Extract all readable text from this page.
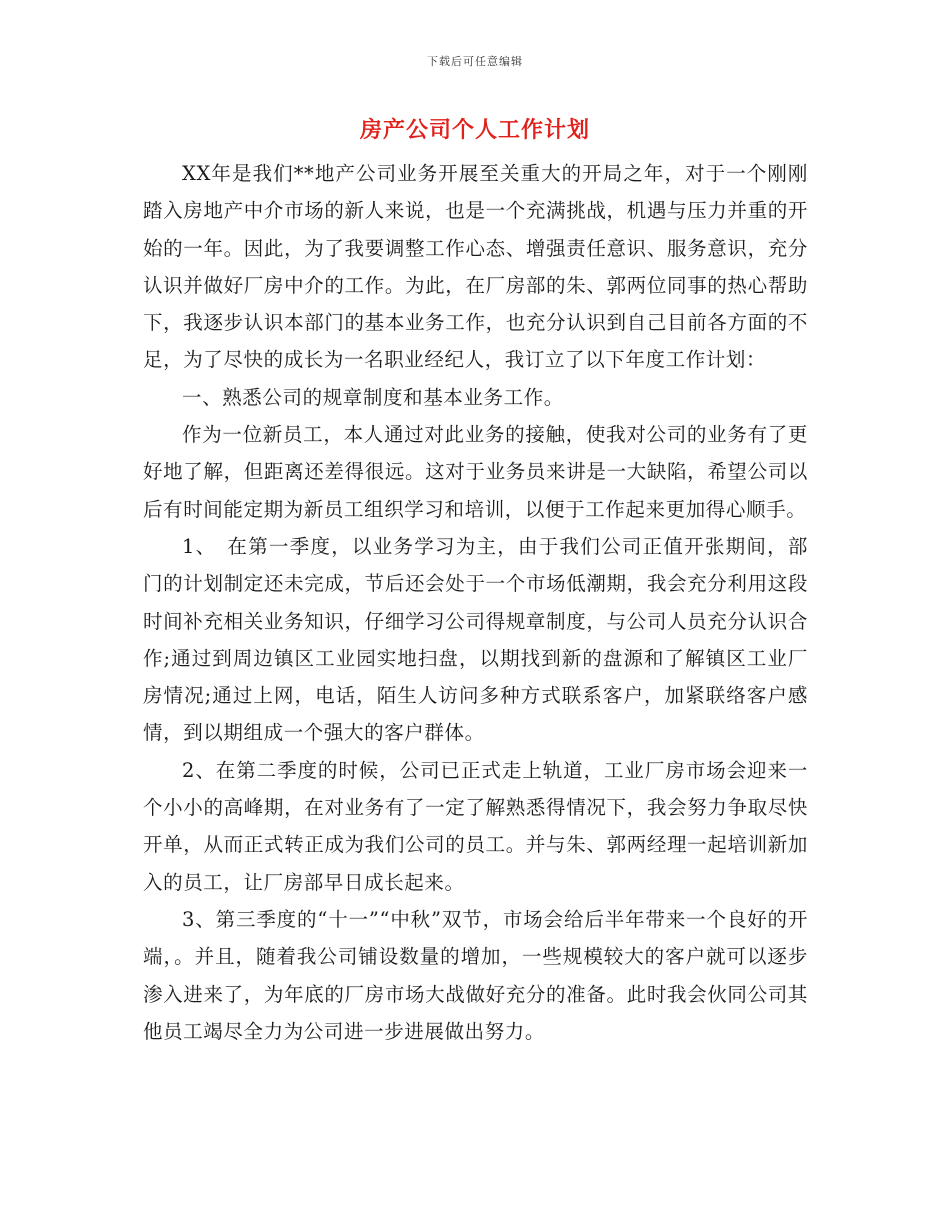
下载后可任意编辑
房产公司个人工作计划

XX年是我们**地产公司业务开展至关重大的开局之年，对于一个刚刚踏入房地产中介市场的新人来说，也是一个充满挑战，机遇与压力并重的开始的一年。因此，为了我要调整工作心态、增强责任意识、服务意识，充分认识并做好厂房中介的工作。为此，在厂房部的朱、郭两位同事的热心帮助下，我逐步认识本部门的基本业务工作，也充分认识到自己目前各方面的不足，为了尽快的成长为一名职业经纪人，我订立了以下年度工作计划：

一、熟悉公司的规章制度和基本业务工作。

作为一位新员工，本人通过对此业务的接触，使我对公司的业务有了更好地了解，但距离还差得很远。这对于业务员来讲是一大缺陷，希望公司以后有时间能定期为新员工组织学习和培训，以便于工作起来更加得心顺手。

1、　在第一季度，以业务学习为主，由于我们公司正值开张期间，部门的计划制定还未完成，节后还会处于一个市场低潮期，我会充分利用这段时间补充相关业务知识，仔细学习公司得规章制度，与公司人员充分认识合作;通过到周边镇区工业园实地扫盘，以期找到新的盘源和了解镇区工业厂房情况;通过上网，电话，陌生人访问多种方式联系客户，加紧联络客户感情，到以期组成一个强大的客户群体。

2、在第二季度的时候，公司已正式走上轨道，工业厂房市场会迎来一个小小的高峰期，在对业务有了一定了解熟悉得情况下，我会努力争取尽快开单，从而正式转正成为我们公司的员工。并与朱、郭两经理一起培训新加入的员工，让厂房部早日成长起来。

3、第三季度的“十一”“中秋”双节，市场会给后半年带来一个良好的开端，。并且，随着我公司铺设数量的增加，一些规模较大的客户就可以逐步渗入进来了，为年底的厂房市场大战做好充分的准备。此时我会伙同公司其他员工竭尽全力为公司进一步进展做出努力。
